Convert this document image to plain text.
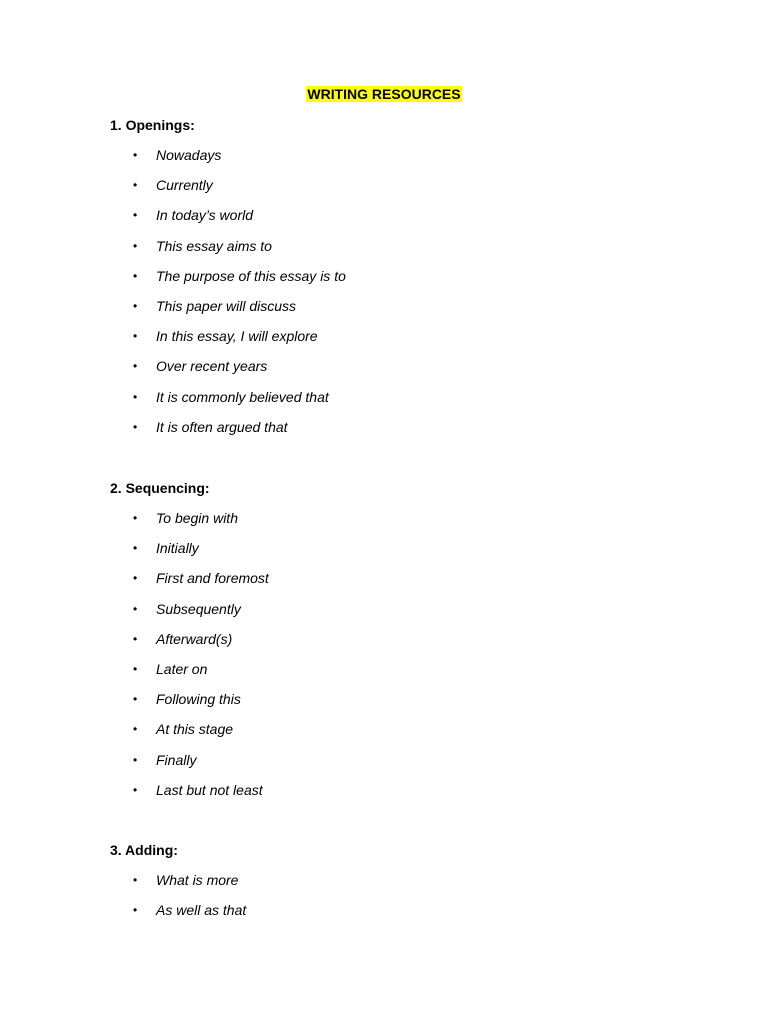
WRITING RESOURCES

1. Openings:

• Nowadays
• Currently
• In today’s world
• This essay aims to
• The purpose of this essay is to
• This paper will discuss
• In this essay, I will explore
• Over recent years
• It is commonly believed that
• It is often argued that

2. Sequencing:

• To begin with
• Initially
• First and foremost
• Subsequently
• Afterward(s)
• Later on
• Following this
• At this stage
• Finally
• Last but not least

3. Adding:

• What is more
• As well as that
